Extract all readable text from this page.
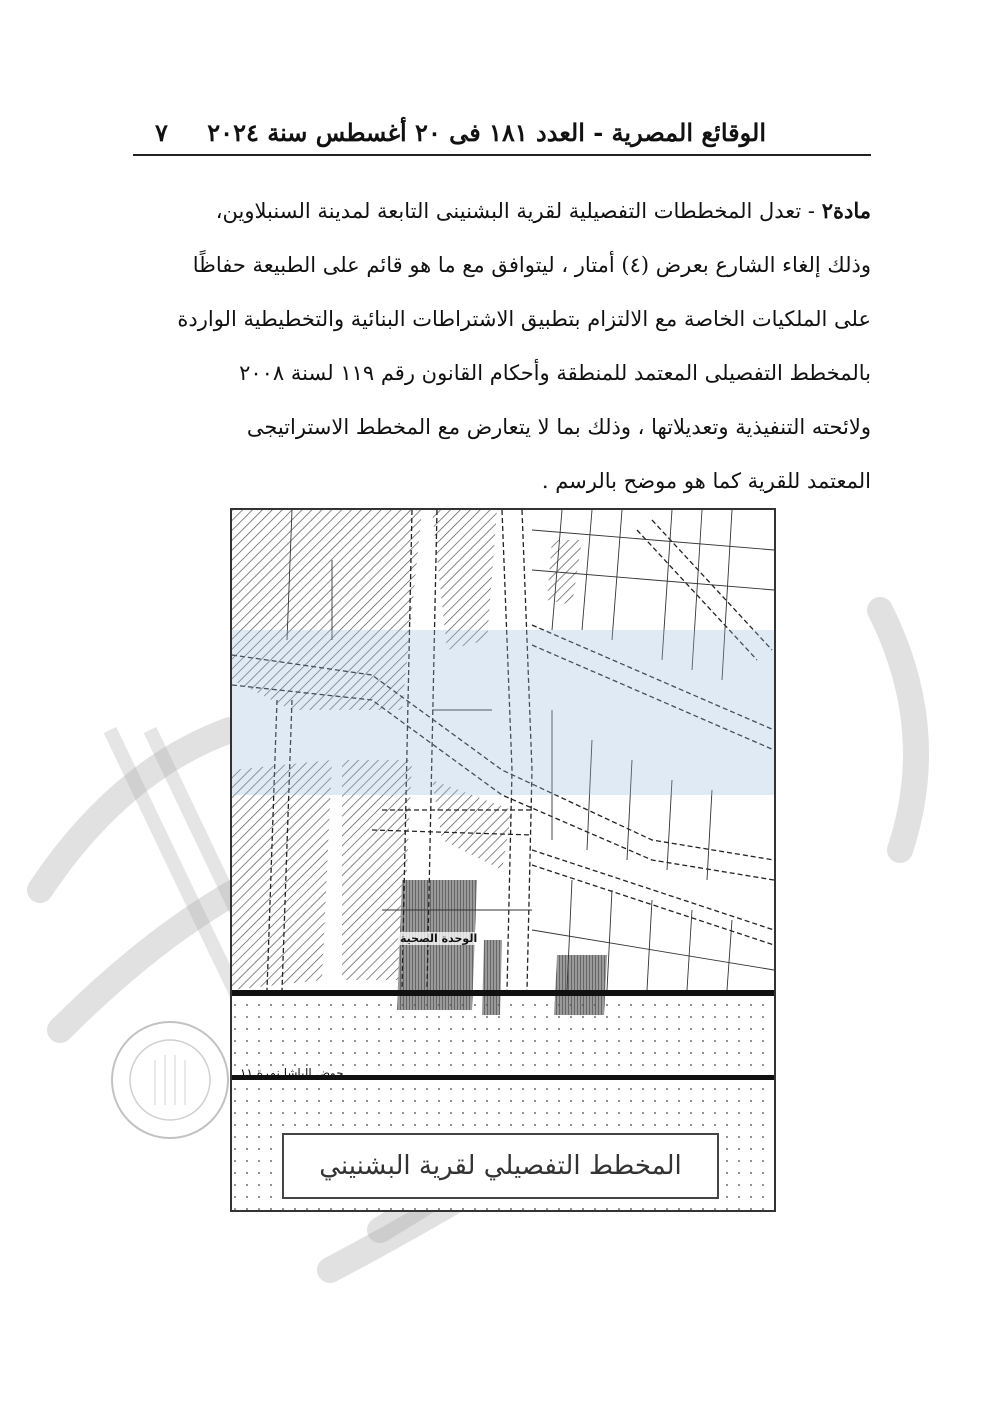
الوقائع المصرية - العدد ١٨١ فى ٢٠ أغسطس سنة ٢٠٢٤
٧

مادة٢ - تعدل المخططات التفصيلية لقرية البشنينى التابعة لمدينة السنبلاوين،

وذلك إلغاء الشارع بعرض (٤) أمتار ، ليتوافق مع ما هو قائم على الطبيعة حفاظًا

على الملكيات الخاصة مع الالتزام بتطبيق الاشتراطات البنائية والتخطيطية الواردة

بالمخطط التفصيلى المعتمد للمنطقة وأحكام القانون رقم ١١٩ لسنة ٢٠٠٨

ولائحته التنفيذية وتعديلاتها ، وذلك بما لا يتعارض مع المخطط الاستراتيجى

المعتمد للقرية كما هو موضح بالرسم .

الوحدة الصحية
حوض الباشا نمرة ١١
المخطط التفصيلي لقرية البشنيني
